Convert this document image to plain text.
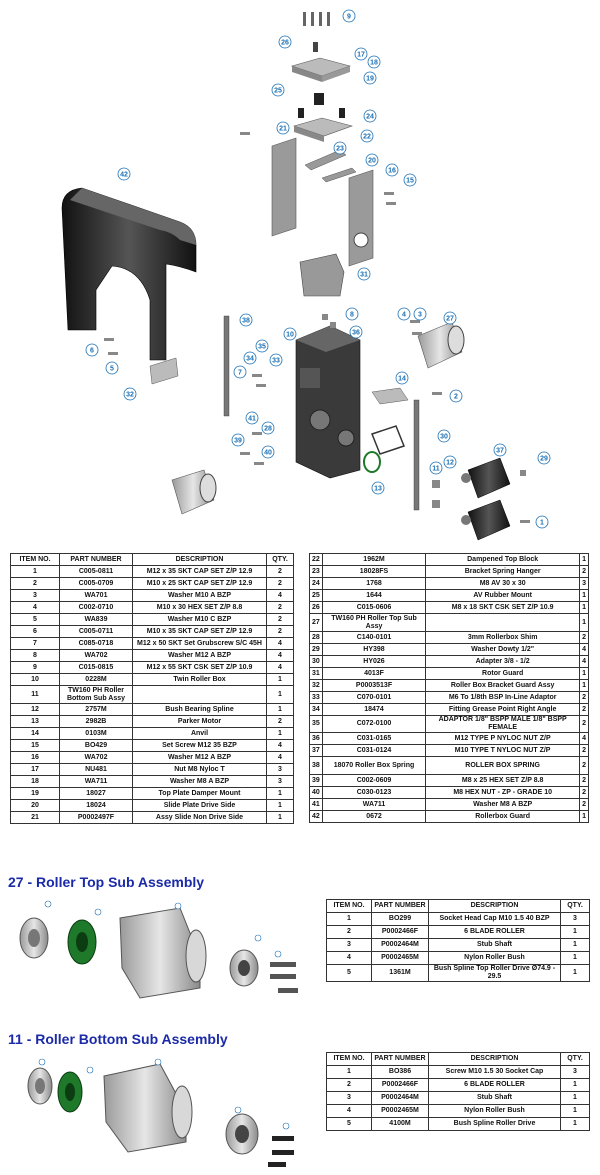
9
26
17
18
19
25
24
21
22
23
20
16
15
42
31
38
10
8
36
4 3
27
6
5
35
34	33
7
32
14
2
1
39
41
40
28
13
37
30
29
11
12
ITEM NO.	PART NUMBER	DESCRIPTION	QTY.
1	C005-0811	M12 x 35 SKT CAP SET Z/P 12.9	2
2	C005-0709	M10 x 25 SKT CAP SET Z/P 12.9	2
3	WA701	Washer M10 A BZP	4
4	C002-0710	M10 x 30 HEX SET Z/P 8.8	2
5	WA839	Washer M10 C BZP	2
6	C005-0711	M10 x 35 SKT CAP SET Z/P 12.9	2
7	C085-0718	M12 x 50 SKT Set Grubscrew S/C 45H	4
8	WA702	Washer M12 A BZP	4
9	C015-0815	M12 x 55 SKT CSK SET Z/P 10.9	4
10	0228M	Twin Roller Box	1
11	TW160 PH Roller Bottom Sub Assy		1
12	2757M	Bush Bearing Spline	1
13	2982B	Parker Motor	2
14	0103M	Anvil	1
15	BO429	Set Screw M12 35 BZP	4
16	WA702	Washer M12 A BZP	4
17	NU481	Nut M8 Nyloc T	3
18	WA711	Washer M8 A BZP	3
19	18027	Top Plate Damper Mount	1
20	18024	Slide Plate Drive Side	1
21	P0002497F	Assy Slide Non Drive Side	1
22	1962M	Dampened Top Block	1
23	18028FS	Bracket Spring Hanger	2
24	1768	M8 AV 30 x 30	3
25	1644	AV Rubber Mount	1
26	C015-0606	M8 x 18 SKT CSK SET Z/P 10.9	1
27	TW160 PH Roller Top Sub Assy		1
28	C140-0101	3mm Rollerbox Shim	2
29	HY398	Washer Dowty 1/2"	4
30	HY026	Adapter 3/8 - 1/2	4
31	4013F	Rotor Guard	1
32	P0003513F	Roller Box Bracket Guard Assy	1
33	C070-0101	M6 To 1/8th BSP In-Line Adaptor	2
34	18474	Fitting Grease Point Right Angle	2
35	C072-0100	ADAPTOR 1/8" BSPP MALE 1/8" BSPP FEMALE	2
36	C031-0165	M12 TYPE P NYLOC NUT Z/P	4
37	C031-0124	M10 TYPE T NYLOC NUT Z/P	2
38	18070 Roller Box Spring	ROLLER BOX SPRING	2
39	C002-0609	M8 x 25 HEX SET Z/P 8.8	2
40	C030-0123	M8 HEX NUT - ZP - GRADE 10	2
41	WA711	Washer M8 A BZP	2
42	0672	Rollerbox Guard	1
27 - Roller Top Sub Assembly
ITEM NO.	PART NUMBER	DESCRIPTION	QTY.
1	BO299	Socket Head Cap M10 1.5 40 BZP	3
2	P0002466F	6 BLADE ROLLER	1
3	P0002464M	Stub Shaft	1
4	P0002465M	Nylon Roller Bush	1
5	1361M	Bush Spline Top Roller Drive Ø74.9 - 29.5	1
11 - Roller Bottom Sub Assembly
ITEM NO.	PART NUMBER	DESCRIPTION	QTY.
1	BO386	Screw M10 1.5 30 Socket Cap	3
2	P0002466F	6 BLADE ROLLER	1
3	P0002464M	Stub Shaft	1
4	P0002465M	Nylon Roller Bush	1
5	4100M	Bush Spline Roller Drive	1
